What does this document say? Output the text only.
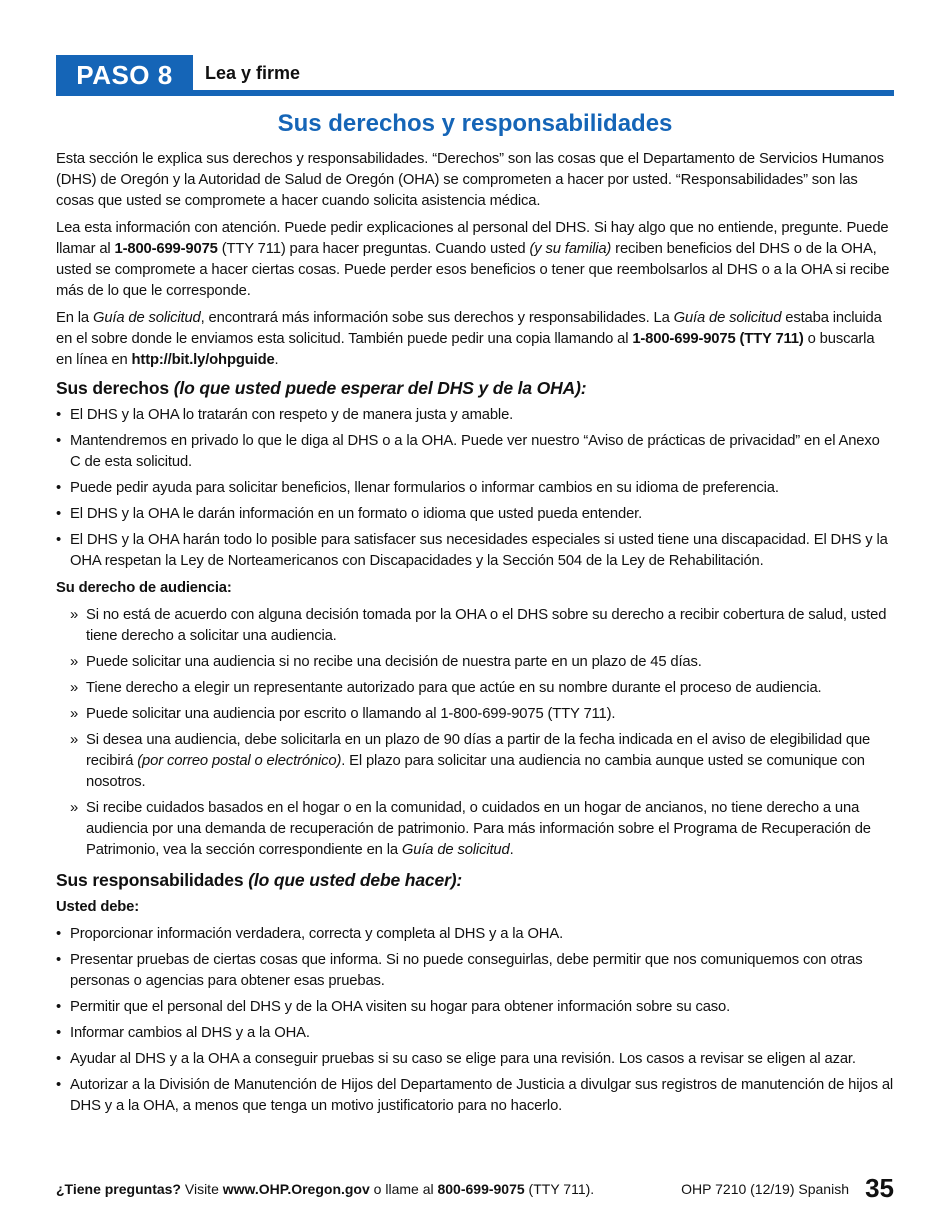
PASO 8	Lea y firme
Sus derechos y responsabilidades

Esta sección le explica sus derechos y responsabilidades. “Derechos” son las cosas que el Departamento de Servicios Humanos (DHS) de Oregón y la Autoridad de Salud de Oregón (OHA) se comprometen a hacer por usted. “Responsabilidades” son las cosas que usted se compromete a hacer cuando solicita asistencia médica.

Lea esta información con atención. Puede pedir explicaciones al personal del DHS. Si hay algo que no entiende, pregunte. Puede llamar al 1-800-699-9075 (TTY 711) para hacer preguntas. Cuando usted (y su familia) reciben beneficios del DHS o de la OHA, usted se compromete a hacer ciertas cosas. Puede perder esos beneficios o tener que reembolsarlos al DHS o a la OHA si recibe más de lo que le corresponde.

En la Guía de solicitud, encontrará más información sobe sus derechos y responsabilidades. La Guía de solicitud estaba incluida en el sobre donde le enviamos esta solicitud. También puede pedir una copia llamando al 1-800-699-9075 (TTY 711) o buscarla en línea en http://bit.ly/ohpguide.

Sus derechos (lo que usted puede esperar del DHS y de la OHA):
• El DHS y la OHA lo tratarán con respeto y de manera justa y amable.
• Mantendremos en privado lo que le diga al DHS o a la OHA. Puede ver nuestro “Aviso de prácticas de privacidad” en el Anexo C de esta solicitud.
• Puede pedir ayuda para solicitar beneficios, llenar formularios o informar cambios en su idioma de preferencia.
• El DHS y la OHA le darán información en un formato o idioma que usted pueda entender.
• El DHS y la OHA harán todo lo posible para satisfacer sus necesidades especiales si usted tiene una discapacidad. El DHS y la OHA respetan la Ley de Norteamericanos con Discapacidades y la Sección 504 de la Ley de Rehabilitación.
Su derecho de audiencia:
» Si no está de acuerdo con alguna decisión tomada por la OHA o el DHS sobre su derecho a recibir cobertura de salud, usted tiene derecho a solicitar una audiencia.
» Puede solicitar una audiencia si no recibe una decisión de nuestra parte en un plazo de 45 días.
» Tiene derecho a elegir un representante autorizado para que actúe en su nombre durante el proceso de audiencia.
» Puede solicitar una audiencia por escrito o llamando al 1-800-699-9075 (TTY 711).
» Si desea una audiencia, debe solicitarla en un plazo de 90 días a partir de la fecha indicada en el aviso de elegibilidad que recibirá (por correo postal o electrónico). El plazo para solicitar una audiencia no cambia aunque usted se comunique con nosotros.
» Si recibe cuidados basados en el hogar o en la comunidad, o cuidados en un hogar de ancianos, no tiene derecho a una audiencia por una demanda de recuperación de patrimonio. Para más información sobre el Programa de Recuperación de Patrimonio, vea la sección correspondiente en la Guía de solicitud.
Sus responsabilidades (lo que usted debe hacer):
Usted debe:
• Proporcionar información verdadera, correcta y completa al DHS y a la OHA.
• Presentar pruebas de ciertas cosas que informa. Si no puede conseguirlas, debe permitir que nos comuniquemos con otras personas o agencias para obtener esas pruebas.
• Permitir que el personal del DHS y de la OHA visiten su hogar para obtener información sobre su caso.
• Informar cambios al DHS y a la OHA.
• Ayudar al DHS y a la OHA a conseguir pruebas si su caso se elige para una revisión. Los casos a revisar se eligen al azar.
• Autorizar a la División de Manutención de Hijos del Departamento de Justicia a divulgar sus registros de manutención de hijos al DHS y a la OHA, a menos que tenga un motivo justificatorio para no hacerlo.
¿Tiene preguntas? Visite www.OHP.Oregon.gov o llame al 800-699-9075 (TTY 711).	OHP 7210 (12/19) Spanish 35
